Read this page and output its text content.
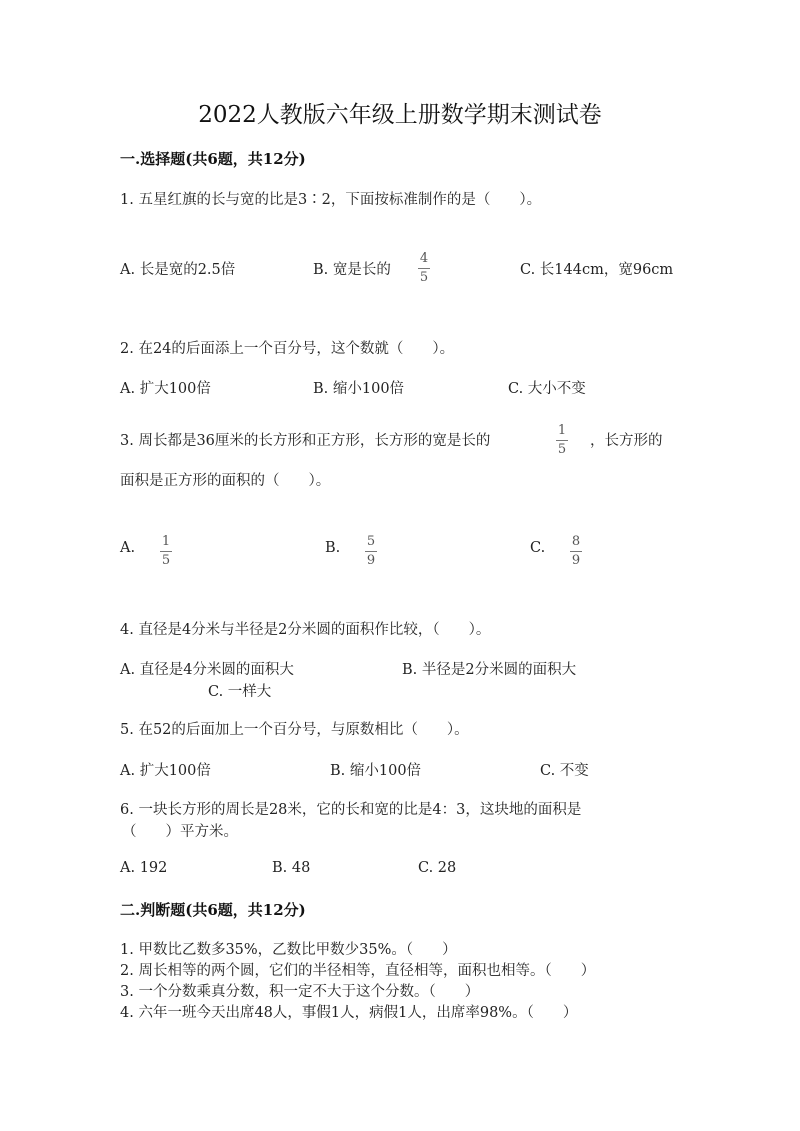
2022人教版六年级上册数学期末测试卷
一.选择题(共6题，共12分)
1. 五星红旗的长与宽的比是3∶2，下面按标准制作的是（　　）。
A. 长是宽的2.5倍	B. 宽是长的
4
5	C. 长144cm，宽96cm
2. 在24的后面添上一个百分号，这个数就（　　）。
A. 扩大100倍	B. 缩小100倍	C. 大小不变
3. 周长都是36厘米的长方形和正方形，长方形的宽是长的
1
5
，长方形的
面积是正方形的面积的（　　）。
A. 1
5
B. 5
9
C. 8
9
4. 直径是4分米与半径是2分米圆的面积作比较，（　　）。
A. 直径是4分米圆的面积大	B. 半径是2分米圆的面积大
C. 一样大
5. 在52的后面加上一个百分号，与原数相比（　　）。
A. 扩大100倍	B. 缩小100倍	C. 不变
6. 一块长方形的周长是28米，它的长和宽的比是4：3，这块地的面积是
（　　）平方米。
A. 192	B. 48	C. 28
二.判断题(共6题，共12分)
1. 甲数比乙数多35%，乙数比甲数少35%。（　　）
2. 周长相等的两个圆，它们的半径相等，直径相等，面积也相等。（　　）
3. 一个分数乘真分数，积一定不大于这个分数。（　　）
4. 六年一班今天出席48人，事假1人，病假1人，出席率98%。（　　）
